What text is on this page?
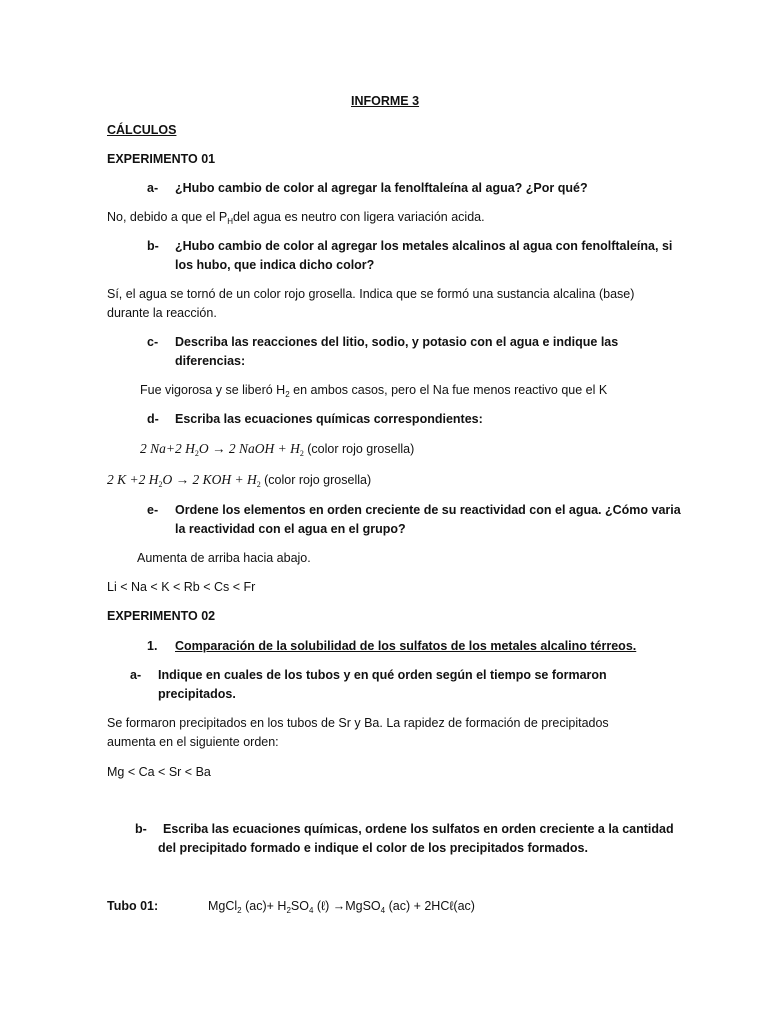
INFORME 3
CÁLCULOS
EXPERIMENTO 01
a- ¿Hubo cambio de color al agregar la fenolftaleína al agua? ¿Por qué?
No, debido a que el $P_Hdel$ agua es neutro con ligera variación acida.
b- ¿Hubo cambio de color al agregar los metales alcalinos al agua con fenolftaleína, si
los hubo, que indica dicho color?
Sí, el agua se tornó de un color rojo grosella. Indica que se formó una sustancia alcalina (base)
durante la reacción.
c- Describa las reacciones del litio, sodio, y potasio con el agua e indique las
diferencias:
Fue vigorosa y se liberó $H_2$ en ambos casos, pero el Na fue menos reactivo que el K
d- Escriba las ecuaciones químicas correspondientes:
2 Na+2 $H_2O \to 2$ NaOH + $H_2$ (color rojo grosella)
2 K +2 $H_2O \to 2$ KOH + $H_2$ (color rojo grosella)
e- Ordene los elementos en orden creciente de su reactividad con el agua. ¿Cómo varia
la reactividad con el agua en el grupo?
Aumenta de arriba hacia abajo.
Li < Na < K < Rb < Cs < Fr
EXPERIMENTO 02
1. Comparación de la solubilidad de los sulfatos de los metales alcalino térreos.
a- Indique en cuales de los tubos y en qué orden según el tiempo se formaron
precipitados.
Se formaron precipitados en los tubos de Sr y Ba. La rapidez de formación de precipitados
aumenta en el siguiente orden:
Mg < Ca < Sr < Ba
b- Escriba las ecuaciones químicas, ordene los sulfatos en orden creciente a la cantidad
del precipitado formado e indique el color de los precipitados formados.
Tubo 01:	MgCl$_2$ $(ac)+ H_2SO_4$ (ℓ) →MgSO$_4$ (ac) + 2HCℓ(ac)
